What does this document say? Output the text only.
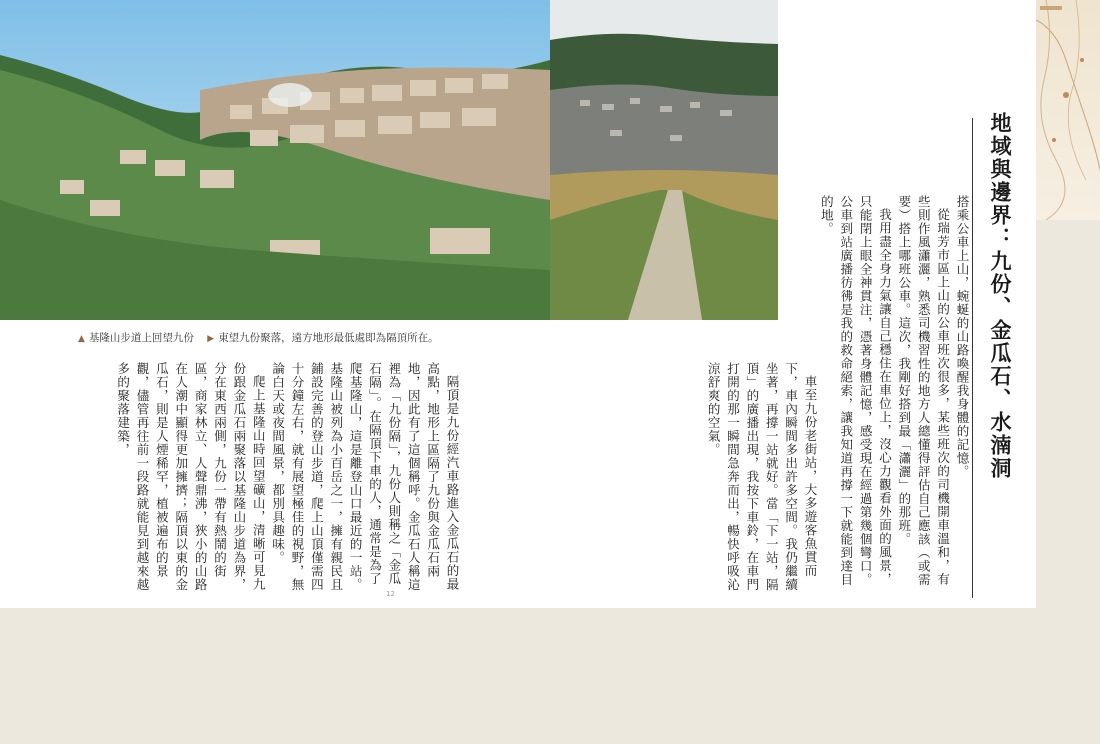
▲ 基隆山步道上回望九份 ▶ 東望九份聚落，遠方地形最低處即為隔頂所在。	地域與邊界：九份、金瓜石、水湳洞

搭乘公車上山，蜿蜒的山路喚醒我身體的記憶。

從瑞芳市區上山的公車班次很多，某些班次的司機開車溫和，有些則作風瀟灑，熟悉司機習性的地方人總懂得評估自己應該（或需要）搭上哪班公車。這次，我剛好搭到最「瀟灑」的那班。

我用盡全身力氣讓自己穩住在車位上，沒心力觀看外面的風景，只能閉上眼全神貫注，憑著身體記憶，感受現在經過第幾個彎口。公車到站廣播彷彿是我的救命絕索，讓我知道再撐一下就能到達目的地。

車至九份老街站，大多遊客魚貫而下，車內瞬間多出許多空間。我仍繼續坐著，再撐一站就好。當「下一站，隔頂」的廣播出現，我按下車鈴，在車門打開的那一瞬間急奔而出，暢快呼吸沁涼舒爽的空氣。

隔頂是九份經汽車路進入金瓜石的最高點，地形上區隔了九份與金瓜石兩地，因此有了這個稱呼。金瓜石人稱這裡為「九份隔」，九份人則稱之「金瓜石隔」。在隔頂下車的人，通常是為了爬基隆山，這是離登山口最近的一站。基隆山被列為小百岳之一，擁有親民且鋪設完善的登山步道，爬上山頂僅需四十分鐘左右，就有展望極佳的視野，無論白天或夜間風景，都別具趣味。

爬上基隆山時回望礦山，清晰可見九份跟金瓜石兩聚落以基隆山步道為界，分在東西兩側，九份一帶有熱鬧的街區，商家林立、人聲鼎沸，狹小的山路在人潮中顯得更加擁擠；隔頂以東的金瓜石，則是人煙稀罕，植被遍布的景觀，儘管再往前一段路就能見到越來越多的聚落建築，

12
